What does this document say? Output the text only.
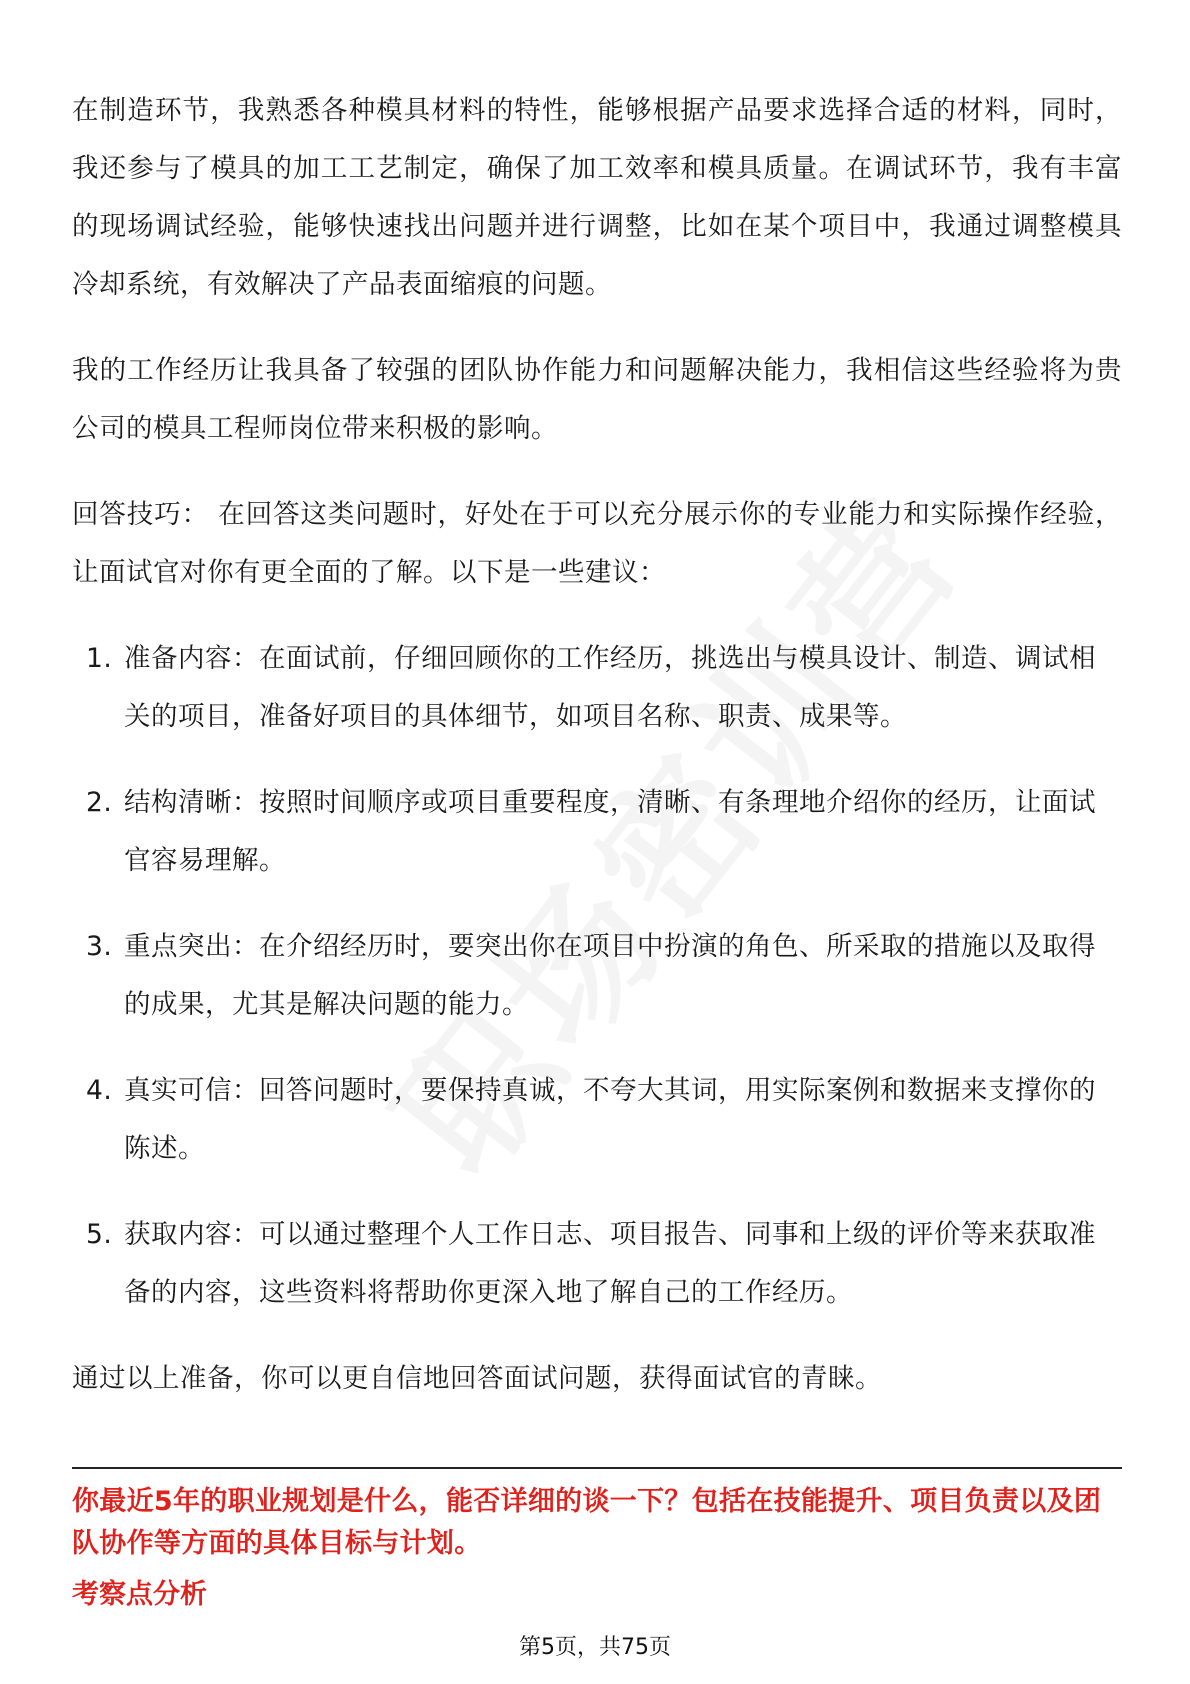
在制造环节，我熟悉各种模具材料的特性，能够根据产品要求选择合适的材料，同时，我还参与了模具的加工工艺制定，确保了加工效率和模具质量。在调试环节，我有丰富的现场调试经验，能够快速找出问题并进行调整，比如在某个项目中，我通过调整模具冷却系统，有效解决了产品表面缩痕的问题。

我的工作经历让我具备了较强的团队协作能力和问题解决能力，我相信这些经验将为贵公司的模具工程师岗位带来积极的影响。

回答技巧： 在回答这类问题时，好处在于可以充分展示你的专业能力和实际操作经验，让面试官对你有更全面的了解。以下是一些建议：

1. 准备内容：在面试前，仔细回顾你的工作经历，挑选出与模具设计、制造、调试相关的项目，准备好项目的具体细节，如项目名称、职责、成果等。
2. 结构清晰：按照时间顺序或项目重要程度，清晰、有条理地介绍你的经历，让面试官容易理解。
3. 重点突出：在介绍经历时，要突出你在项目中扮演的角色、所采取的措施以及取得的成果，尤其是解决问题的能力。
4. 真实可信：回答问题时，要保持真诚，不夸大其词，用实际案例和数据来支撑你的陈述。
5. 获取内容：可以通过整理个人工作日志、项目报告、同事和上级的评价等来获取准备的内容，这些资料将帮助你更深入地了解自己的工作经历。

通过以上准备，你可以更自信地回答面试问题，获得面试官的青睐。

你最近5年的职业规划是什么，能否详细的谈一下？包括在技能提升、项目负责以及团队协作等方面的具体目标与计划。
考察点分析
第5页，共75页
